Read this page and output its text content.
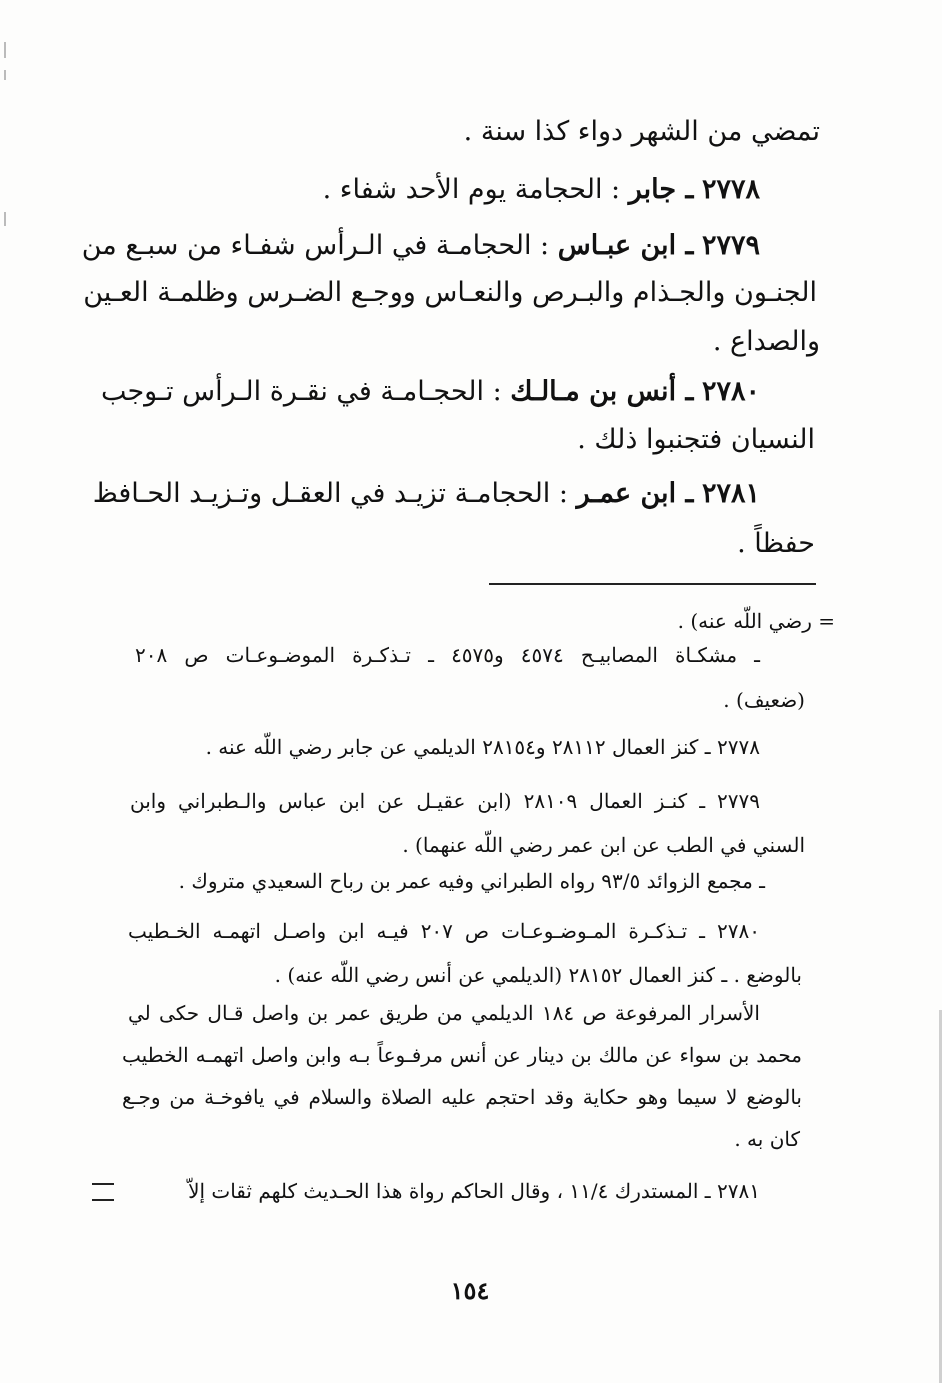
تمضي من الشهر دواء كذا سنة .
٢٧٧٨ ـ جابر : الحجامة يوم الأحد شفاء .
٢٧٧٩ ـ ابن عبـاس : الحجامـة في الـرأس شفـاء من سبـع من
الجنـون والجـذام والبـرص والنعـاس ووجـع الضـرس وظلمـة العـين
والصداع .
٢٧٨٠ ـ أنس بن مـالـك : الحجـامـة في نقـرة الـرأس تـوجب
النسيان فتجنبوا ذلك .
٢٧٨١ ـ ابن عمـر : الحجامـة تزيـد في العقـل وتـزيـد الحـافظ
حفظاً .
= رضي اللّه عنه) .
ـ مشكـاة المصابيـح ٤٥٧٤ و٤٥٧٥ ـ تـذكـرة الموضـوعـات ص ٢٠٨
(ضعيف) .
٢٧٧٨ ـ كنز العمال ٢٨١١٢ و٢٨١٥٤ الديلمي عن جابر رضي اللّه عنه .
٢٧٧٩ ـ كنـز العمال ٢٨١٠٩ (ابن عقيـل عن ابن عباس والـطبراني وابن
السني في الطب عن ابن عمر رضي اللّه عنهما) .
ـ مجمع الزوائد ٩٣/٥ رواه الطبراني وفيه عمر بن رباح السعيدي متروك .
٢٧٨٠ ـ تـذكـرة المـوضـوعـات ص ٢٠٧ فيـه ابن واصـل اتهمـه الخـطيب
بالوضع . ـ كنز العمال ٢٨١٥٢ (الديلمي عن أنس رضي اللّه عنه) .
الأسرار المرفوعة ص ١٨٤ الديلمي من طريق عمر بن واصل قـال حكى لي
محمد بن سواء عن مالك بن دينار عن أنس مرفـوعاً بـه وابن واصل اتهمـه الخطيب
بالوضع لا سيما وهو حكاية وقد احتجم عليه الصلاة والسلام في يافوخـة من وجـع
كان به .
٢٧٨١ ـ المستدرك ١١/٤ ، وقال الحاكم رواة هذا الحـديث كلهم ثقات إلاّ
١٥٤
